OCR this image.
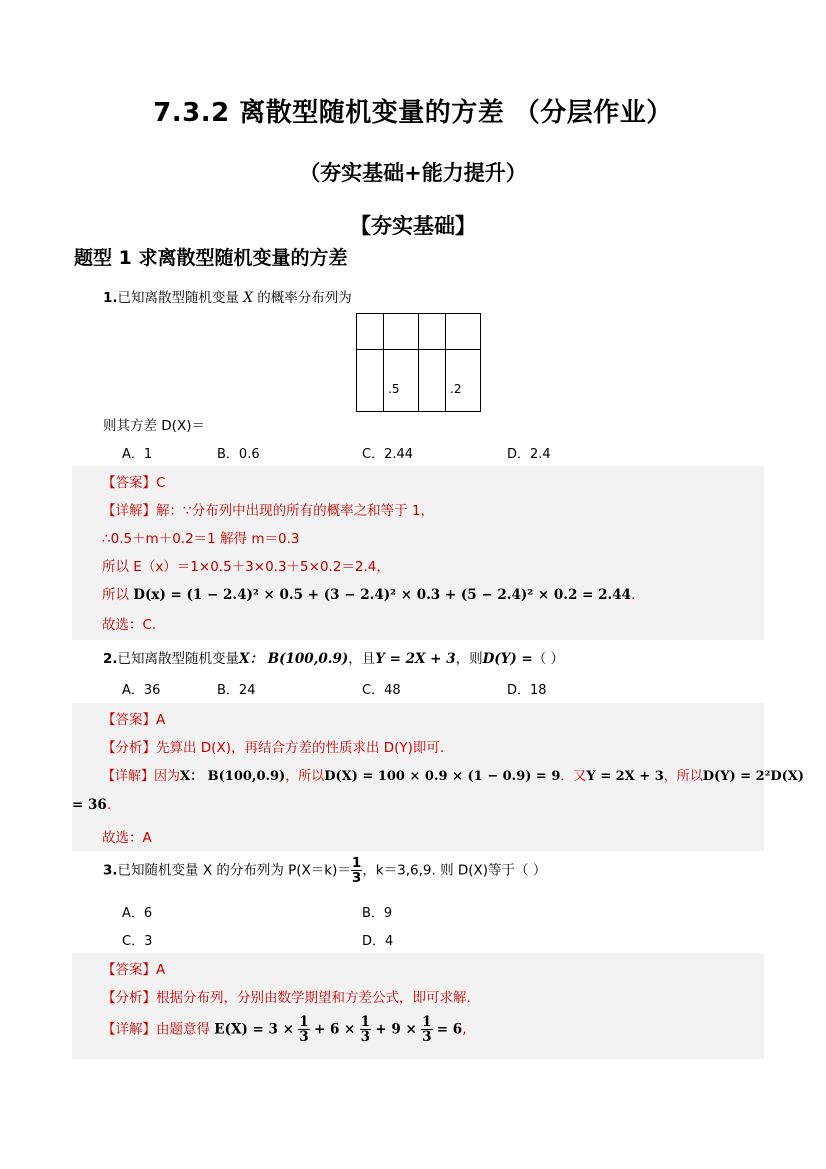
7.3.2 离散型随机变量的方差 （分层作业）
（夯实基础+能力提升）
【夯实基础】
题型 1 求离散型随机变量的方差
1.已知离散型随机变量 X 的概率分布列为

	.5		.2
则其方差 D(X)＝
A．1	B．0.6	C．2.44	D．2.4
【答案】C
【详解】解：∵分布列中出现的所有的概率之和等于 1，
∴0.5＋m＋0.2＝1 解得 m＝0.3
所以 E（x）＝1×0.5＋3×0.3＋5×0.2＝2.4，
所以 D(x) = (1 − 2.4)² × 0.5 + (3 − 2.4)² × 0.3 + (5 − 2.4)² × 0.2 = 2.44.
故选：C.
2.已知离散型随机变量X： B(100,0.9)，且Y = 2X + 3，则D(Y) =（ ）
A．36	B．24	C．48	D．18
【答案】A
【分析】先算出 D(X)，再结合方差的性质求出 D(Y)即可.
【详解】因为X： B(100,0.9)，所以D(X) = 100 × 0.9 × (1 − 0.9) = 9．又Y = 2X + 3，所以D(Y) = 2²D(X)
= 36.
故选：A
3.已知随机变量 X 的分布列为 $P(X=k)= \frac{1}{3}$ ，k＝3,6,9. 则 D(X)等于（ ）
A．6	B．9
C．3	D．4
【答案】A
【分析】根据分布列，分别由数学期望和方差公式，即可求解.
【详解】由题意得 $E(X) = 3 \times \frac{1}{3} + 6 \times \frac{1}{3} + 9 \times \frac{1}{3} = 6$,
